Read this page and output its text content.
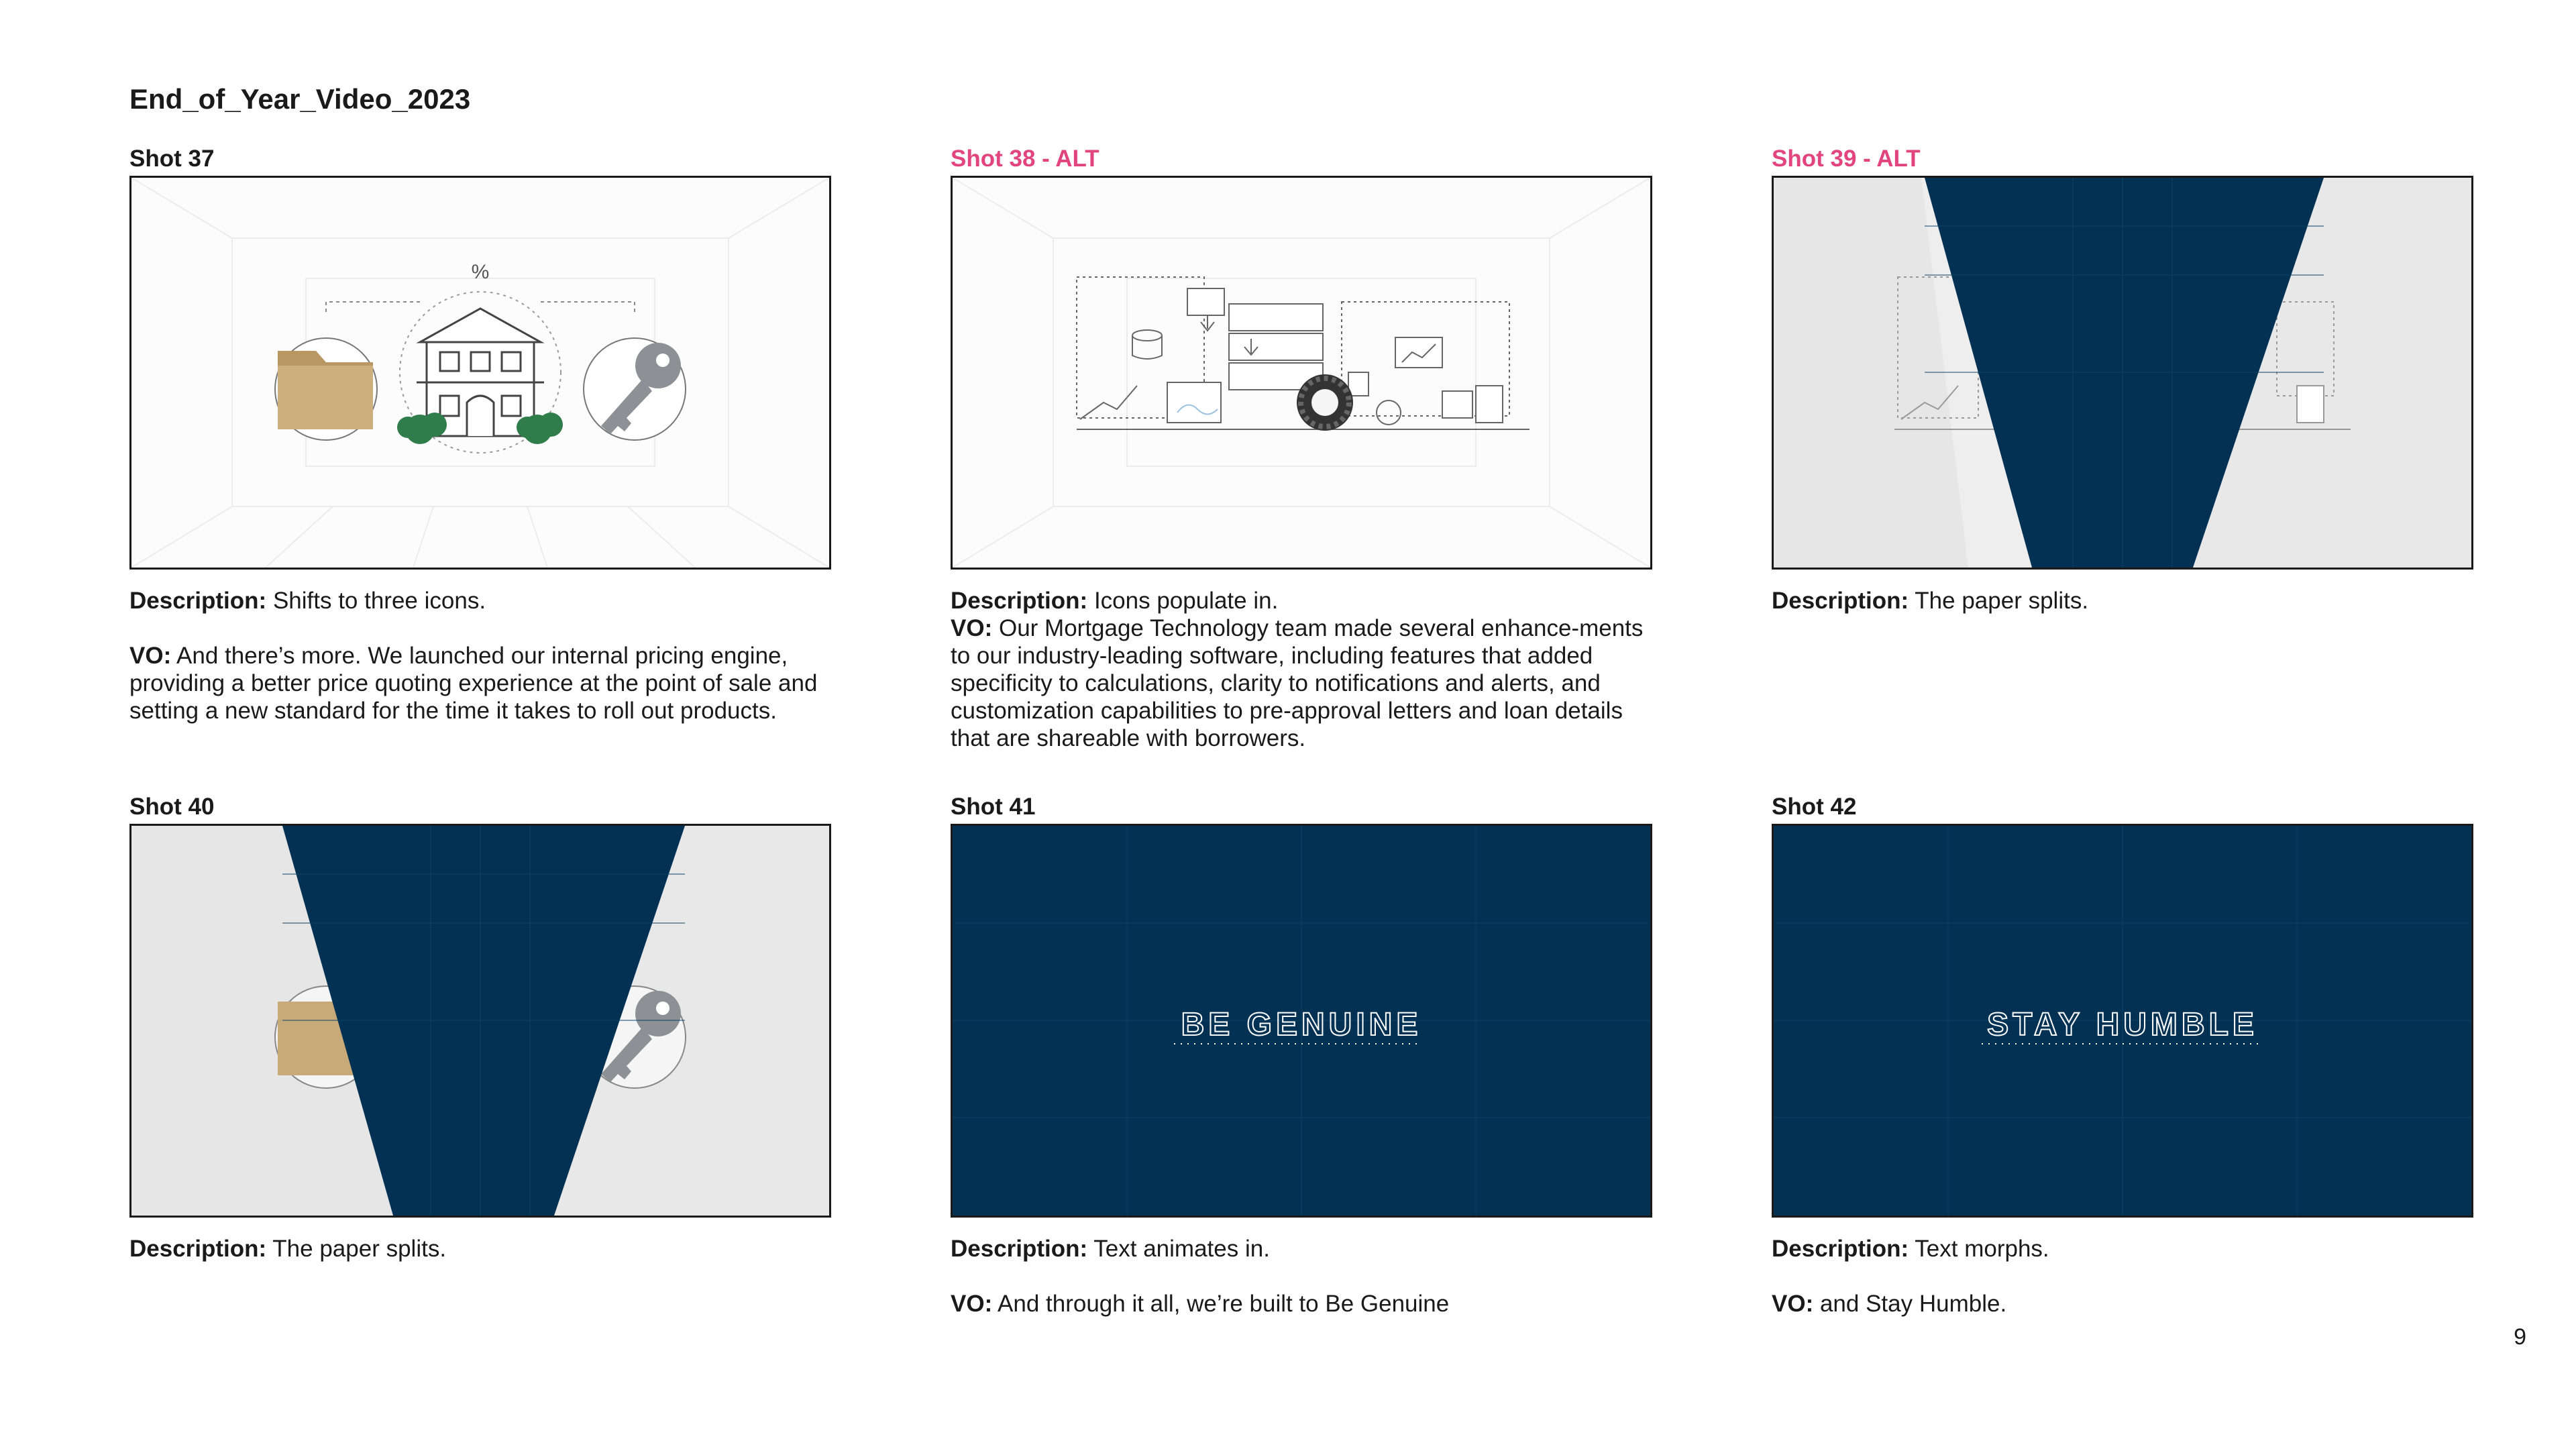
End_of_Year_Video_2023
Shot 37
%

Description: Shifts to three icons.

VO: And there’s more. We launched our internal pricing engine, providing a better price quoting experience at the point of sale and setting a new standard for the time it takes to roll out products.

Shot 38 - ALT

Description: Icons populate in.

VO: Our Mortgage Technology team made several enhance-ments to our industry-leading software, including features that added specificity to calculations, clarity to notifications and alerts, and customization capabilities to pre-approval letters and loan details that are shareable with borrowers.

Shot 39 - ALT

Description: The paper splits.

Shot 40

Description: The paper splits.

Shot 41
BE GENUINE

Description: Text animates in.

VO: And through it all, we’re built to Be Genuine

Shot 42
STAY HUMBLE

Description: Text morphs.

VO: and Stay Humble.

9
